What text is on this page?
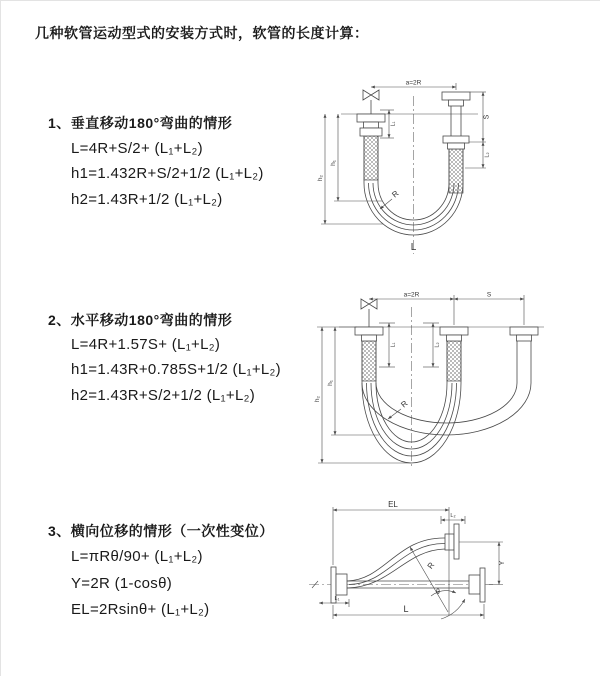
几种软管运动型式的安装方式时，软管的长度计算：
1、垂直移动180°弯曲的情形
L=4R+S/2+ (L₁+L₂)
h1=1.432R+S/2+1/2 (L₁+L₂)
h2=1.43R+1/2 (L₁+L₂)
2、水平移动180°弯曲的情形
L=4R+1.57S+ (L₁+L₂)
h1=1.43R+0.785S+1/2 (L₁+L₂)
h2=1.43R+S/2+1/2 (L₁+L₂)
3、横向位移的情形（一次性变位）
L=πRθ/90+ (L₁+L₂)
Y=2R (1-cosθ)
EL=2Rsinθ+ (L₁+L₂)
a=2R
S
L₂
L₁
h₁
h₂
R
L
a=2R	S
L₁	L₂
h₁
h₂	R
EL
L₂
Y
L
L₁
R
θ
